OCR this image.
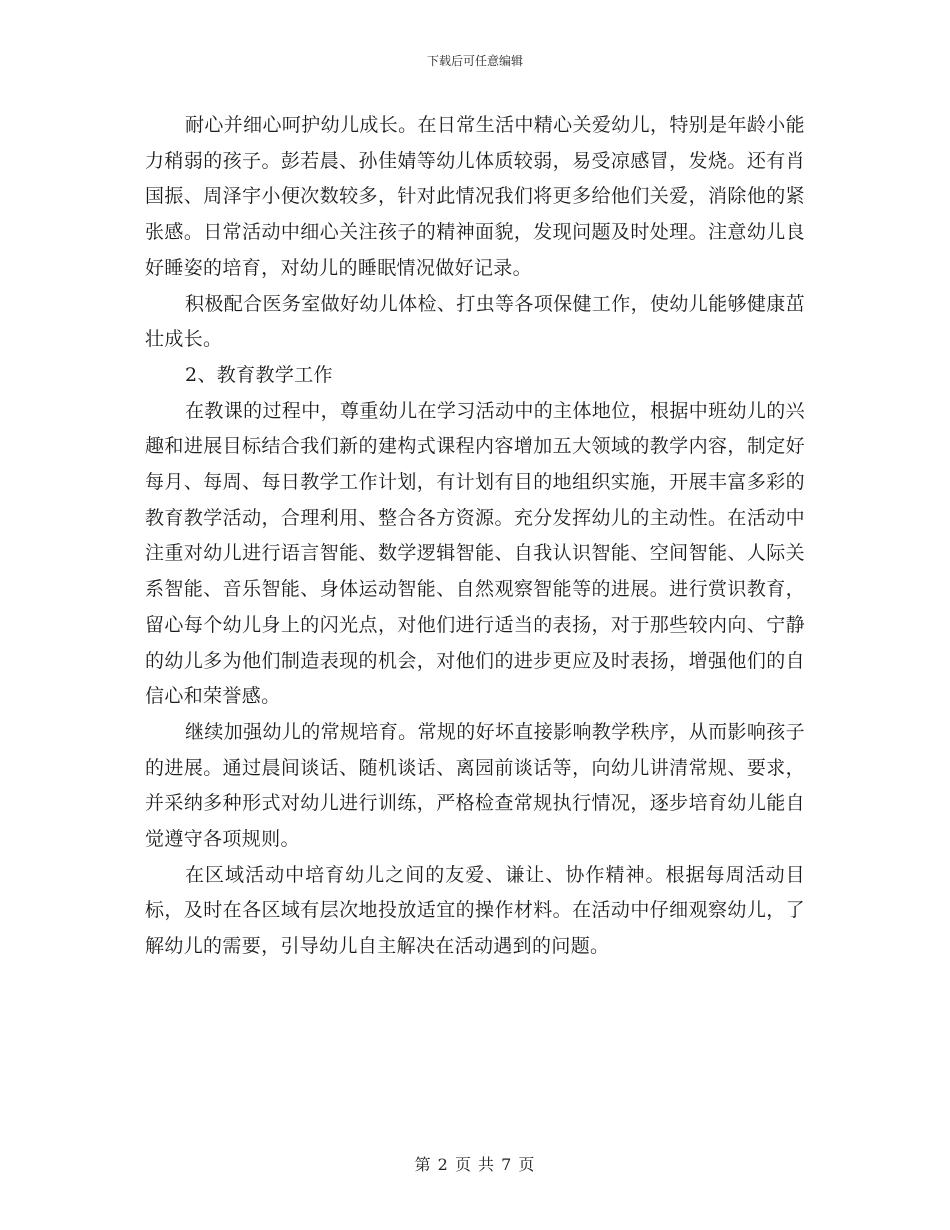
下载后可任意编辑

耐心并细心呵护幼儿成长。在日常生活中精心关爱幼儿，特别是年龄小能力稍弱的孩子。彭若晨、孙佳婧等幼儿体质较弱，易受凉感冒，发烧。还有肖国振、周泽宇小便次数较多，针对此情况我们将更多给他们关爱，消除他的紧张感。日常活动中细心关注孩子的精神面貌，发现问题及时处理。注意幼儿良好睡姿的培育，对幼儿的睡眠情况做好记录。

积极配合医务室做好幼儿体检、打虫等各项保健工作，使幼儿能够健康茁壮成长。

2、教育教学工作

在教课的过程中，尊重幼儿在学习活动中的主体地位，根据中班幼儿的兴趣和进展目标结合我们新的建构式课程内容增加五大领域的教学内容，制定好每月、每周、每日教学工作计划，有计划有目的地组织实施，开展丰富多彩的教育教学活动，合理利用、整合各方资源。充分发挥幼儿的主动性。在活动中注重对幼儿进行语言智能、数学逻辑智能、自我认识智能、空间智能、人际关系智能、音乐智能、身体运动智能、自然观察智能等的进展。进行赏识教育，留心每个幼儿身上的闪光点，对他们进行适当的表扬，对于那些较内向、宁静的幼儿多为他们制造表现的机会，对他们的进步更应及时表扬，增强他们的自信心和荣誉感。

继续加强幼儿的常规培育。常规的好坏直接影响教学秩序，从而影响孩子的进展。通过晨间谈话、随机谈话、离园前谈话等，向幼儿讲清常规、要求，并采纳多种形式对幼儿进行训练，严格检查常规执行情况，逐步培育幼儿能自觉遵守各项规则。

在区域活动中培育幼儿之间的友爱、谦让、协作精神。根据每周活动目标，及时在各区域有层次地投放适宜的操作材料。在活动中仔细观察幼儿，了解幼儿的需要，引导幼儿自主解决在活动遇到的问题。

第 2 页 共 7 页
